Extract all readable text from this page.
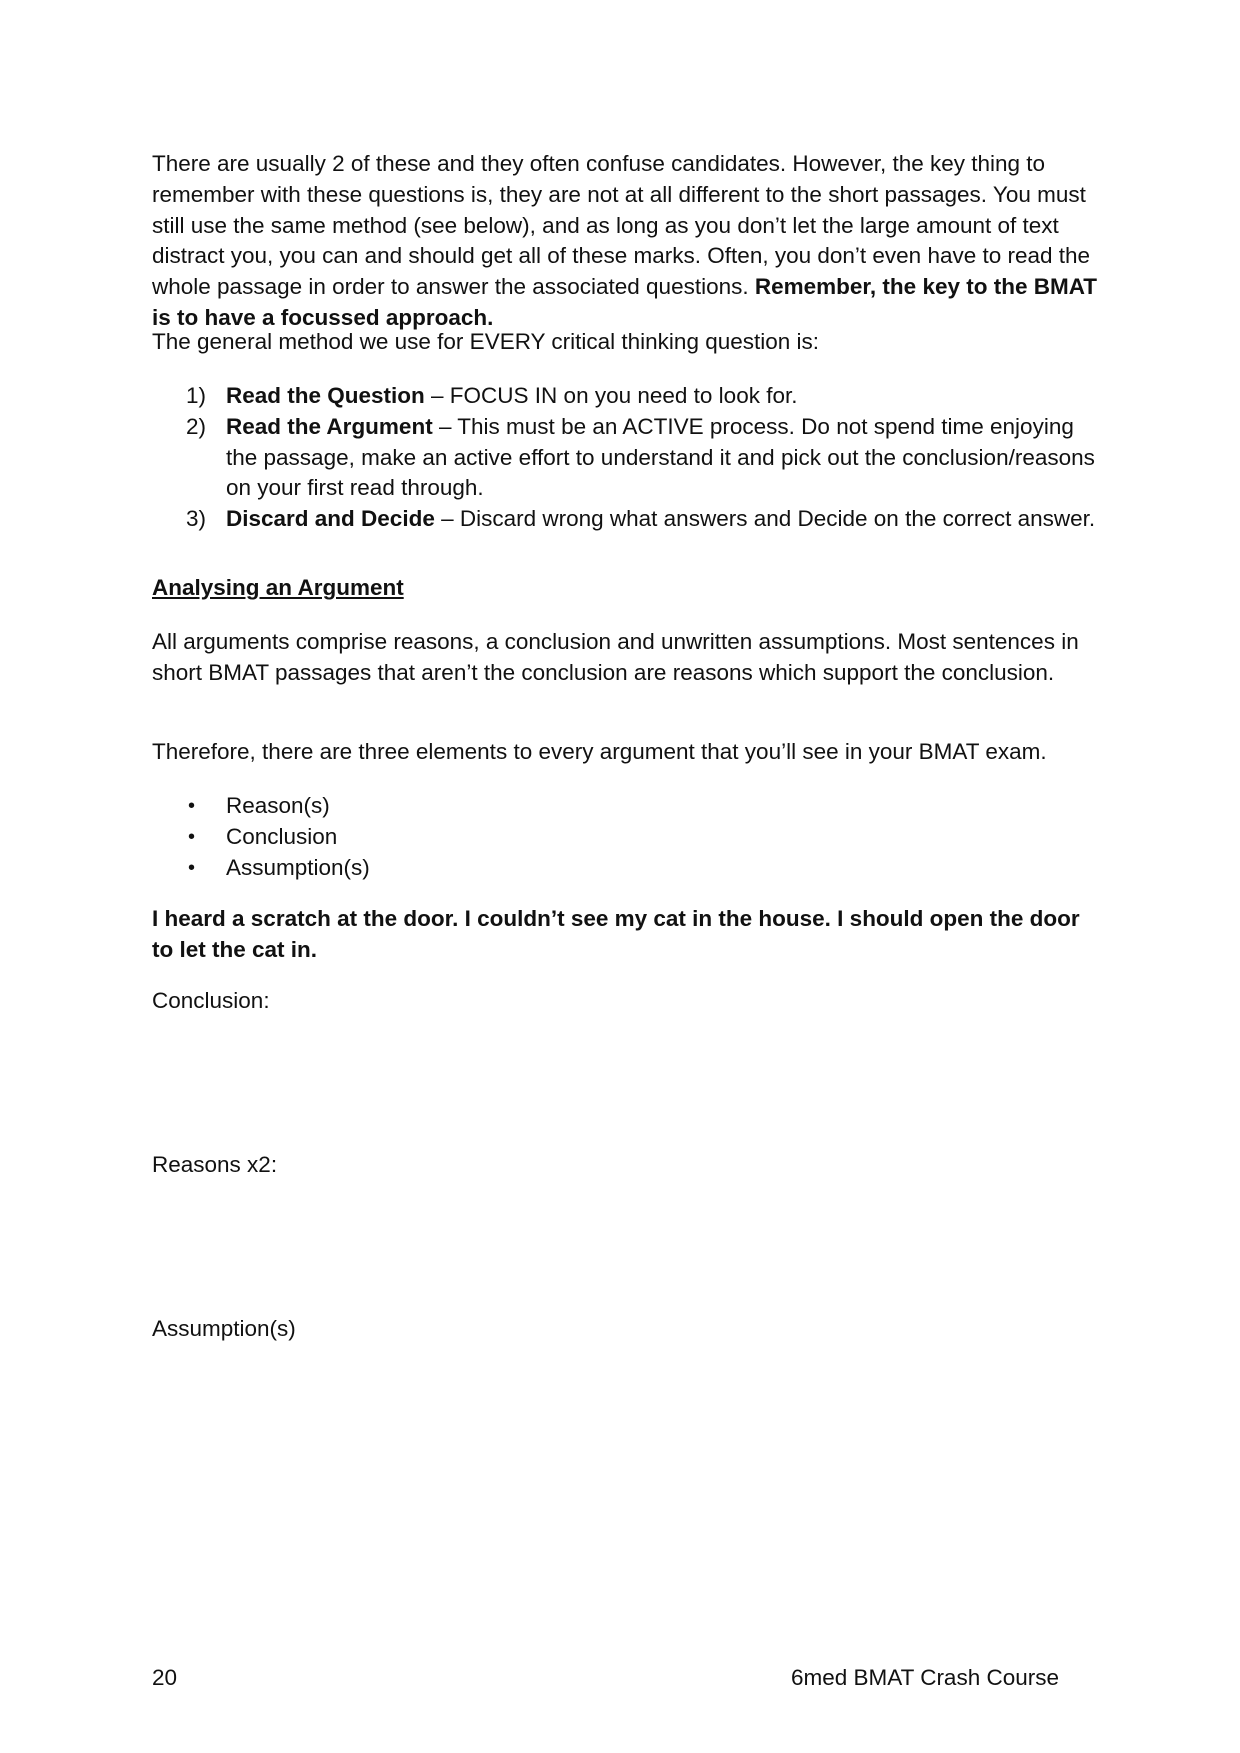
There are usually 2 of these and they often confuse candidates. However, the key thing to remember with these questions is, they are not at all different to the short passages. You must still use the same method (see below), and as long as you don’t let the large amount of text distract you, you can and should get all of these marks. Often, you don’t even have to read the whole passage in order to answer the associated questions. Remember, the key to the BMAT is to have a focussed approach.

The general method we use for EVERY critical thinking question is:

1) Read the Question – FOCUS IN on you need to look for.
2) Read the Argument – This must be an ACTIVE process. Do not spend time enjoying the passage, make an active effort to understand it and pick out the conclusion/reasons on your first read through.
3) Discard and Decide – Discard wrong what answers and Decide on the correct answer.

Analysing an Argument

All arguments comprise reasons, a conclusion and unwritten assumptions. Most sentences in short BMAT passages that aren’t the conclusion are reasons which support the conclusion.

Therefore, there are three elements to every argument that you’ll see in your BMAT exam.

• Reason(s)
• Conclusion
• Assumption(s)

I heard a scratch at the door. I couldn’t see my cat in the house. I should open the door to let the cat in.

Conclusion:

Reasons x2:

Assumption(s)

20	6med BMAT Crash Course
